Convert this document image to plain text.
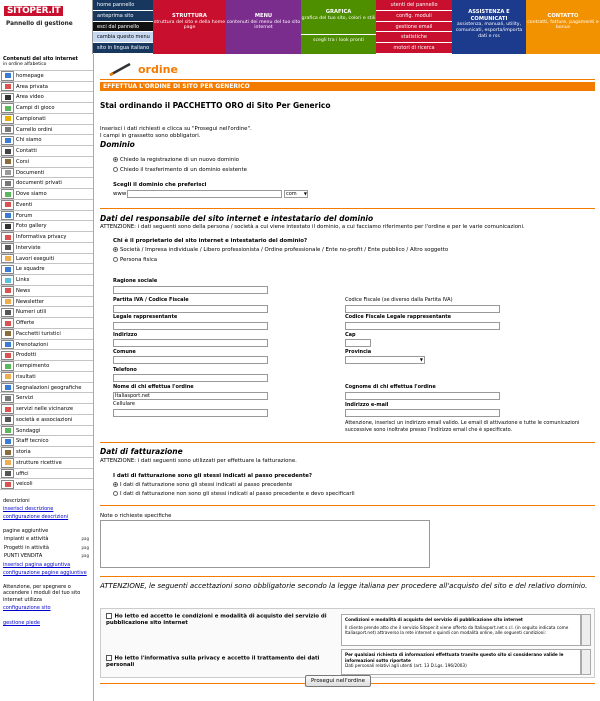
SITOPER.IT
Pannello di gestione
home pannello
anteprima sito
esci dal pannello
cambia questo menu
sito in lingua italiano
STRUTTURA
struttura del sito e della home page
MENU
contenuti dei menu del tuo sito internet
GRAFICA
grafica del tuo sito, colori e stili
scegli tra i look pronti
utenti del pannello
config. moduli
gestione email
statistiche
motori di ricerca
ASSISTENZA E COMUNICATI
assistenza, manuali, utility, comunicati, esporta/importa dati e rss
CONTATTO
contratti, fatture, pagamenti e bonus
Contenuti del sito internet
in ordine alfabetico
homepage
Area privata
Area video
Campi di gioco
Campionati
Carrello ordini
Chi siamo
Contatti
Corsi
Documenti
documenti privati
Dove siamo
Eventi
Forum
Foto gallery
Informativa privacy
Interviste
Lavori eseguiti
Le squadre
Links
News
Newsletter
Numeri utili
Offerte
Pacchetti turistici
Prenotazioni
Prodotti
riempimento
risultati
Segnalazioni geografiche
Servizi
servizi nelle vicinanze
società e associazioni
Sondaggi
Staff tecnico
storia
strutture ricettive
uffici
veicoli
descrizioni
inserisci descrizione
configurazione descrizioni
pagine aggiuntive
impianti e attività	pag
Progetti in attività	pag
PUNTI VENDITA	pag
inserisci pagina aggiuntiva
configurazione pagine aggiuntive
Attenzione, per spegnere o accendere i moduli del tuo sito internet utilizza
configurazione sito
gestione piede
ordine
EFFETTUA L'ORDINE DI SITO PER GENERICO
Stai ordinando il PACCHETTO ORO di Sito Per Generico
Inserisci i dati richiesti e clicca su "Prosegui nell'ordine".
I campi in grassetto sono obbligatori.
Dominio
Chiedo la registrazione di un nuovo dominio
Chiedo il trasferimento di un dominio esistente
Scegli il dominio che preferisci
www	com ▼
Dati del responsabile del sito internet e intestatario del dominio
ATTENZIONE: i dati seguenti sono della persona / società a cui viene intestato il dominio, a cui facciamo riferimento per l'ordine e per le varie comunicazioni.
Chi è il proprietario del sito internet e intestatario del dominio?
Società / Impresa individuale / Libero professionista / Ordine professionale / Ente no-profit / Ente pubblico / Altro soggetto
Persona fisica
Ragione sociale
Partita IVA / Codice Fiscale	Codice Fiscale (se diverso dalla Partita IVA)
Legale rappresentante	Codice Fiscale Legale rappresentante
Indirizzo	Cap
Comune	Provincia
▼
Telefono
Nome di chi effettua l'ordine
Italiasport.net
Cognome di chi effettua l'ordine
Cellulare	Indirizzo e-mail
Attenzione, inserisci un indirizzo email valido. Le email di attivazione e tutte le comunicazioni successive sono inoltrate presso l'indirizzo email che è specificato.
Dati di fatturazione
ATTENZIONE: i dati seguenti sono utilizzati per effettuare la fatturazione.
I dati di fatturazione sono gli stessi indicati al passo precedente?
I dati di fatturazione sono gli stessi indicati al passo precedente
I dati di fatturazione non sono gli stessi indicati al passo precedente e devo specificarli
Note o richieste specifiche
ATTENZIONE, le seguenti accettazioni sono obbligatorie secondo la legge italiana per procedere all'acquisto del sito e del relativo dominio.
Ho letto ed accetto le condizioni e modalità di acquisto del servizio di pubblicazione sito internet
Condizioni e modalità di acquisto del servizio di pubblicazione sito internet
Il cliente prende atto che il servizio Sitoper.it viene offerto da Italiasport.net s.r.l. (in seguito indicata come Italiasport.net) attraverso la rete internet e quindi con modalità online, alle seguenti condizioni:
Ho letto l'informativa sulla privacy e accetto il trattamento dei dati personali
Per qualsiasi richiesta di informazioni effettuata tramite questo sito si considerano valide le informazioni sotto riportate
Dati personali relativi agli utenti (art. 13 D.Lgs. 196/2003)
Prosegui nell'ordine
